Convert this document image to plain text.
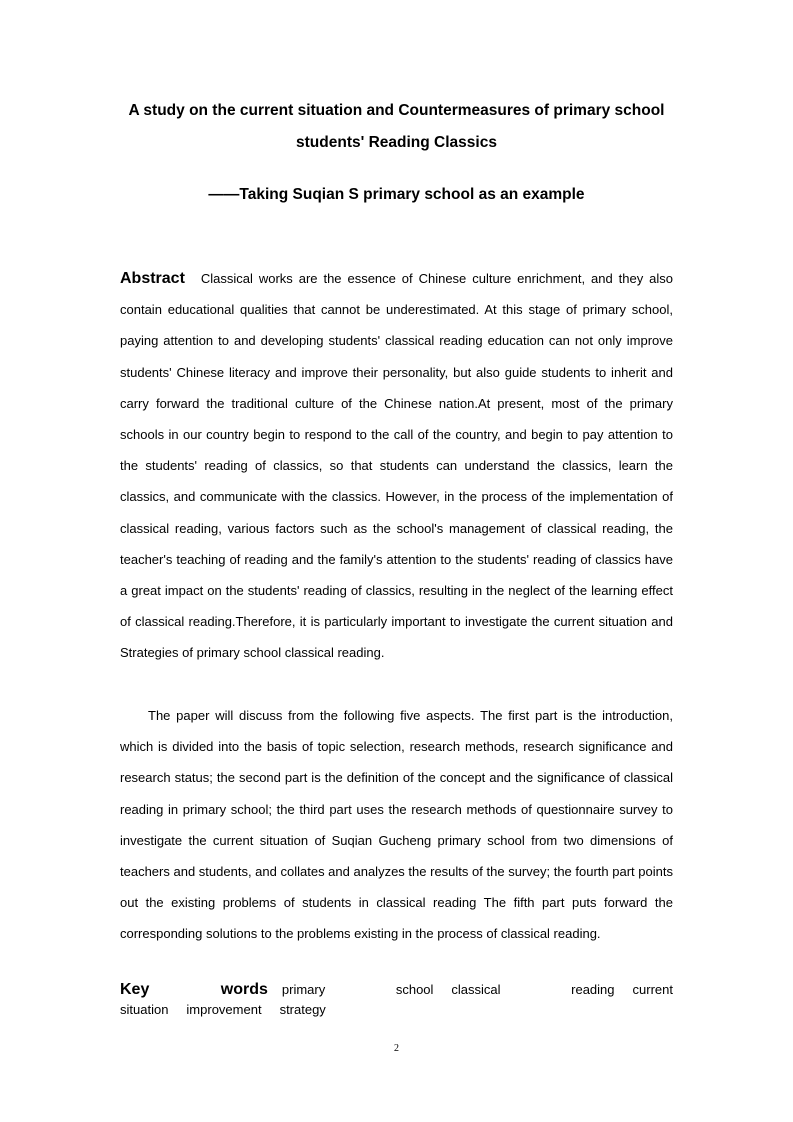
A study on the current situation and Countermeasures of primary school

students' Reading Classics

——Taking Suqian S primary school as an example

Abstract Classical works are the essence of Chinese culture enrichment, and they also contain educational qualities that cannot be underestimated. At this stage of primary school, paying attention to and developing students' classical reading education can not only improve students' Chinese literacy and improve their personality, but also guide students to inherit and carry forward the traditional culture of the Chinese nation.At present, most of the primary schools in our country begin to respond to the call of the country, and begin to pay attention to the students' reading of classics, so that students can understand the classics, learn the classics, and communicate with the classics. However, in the process of the implementation of classical reading, various factors such as the school's management of classical reading, the teacher's teaching of reading and the family's attention to the students' reading of classics have a great impact on the students' reading of classics, resulting in the neglect of the learning effect of classical reading.Therefore, it is particularly important to investigate the current situation and Strategies of primary school classical reading.

The paper will discuss from the following five aspects. The first part is the introduction, which is divided into the basis of topic selection, research methods, research significance and research status; the second part is the definition of the concept and the significance of classical reading in primary school; the third part uses the research methods of questionnaire survey to investigate the current situation of Suqian Gucheng primary school from two dimensions of teachers and students, and collates and analyzes the results of the survey; the fourth part points out the existing problems of students in classical reading The fifth part puts forward the corresponding solutions to the problems existing in the process of classical reading.

Key words primary school classical reading current situation improvement strategy

2
